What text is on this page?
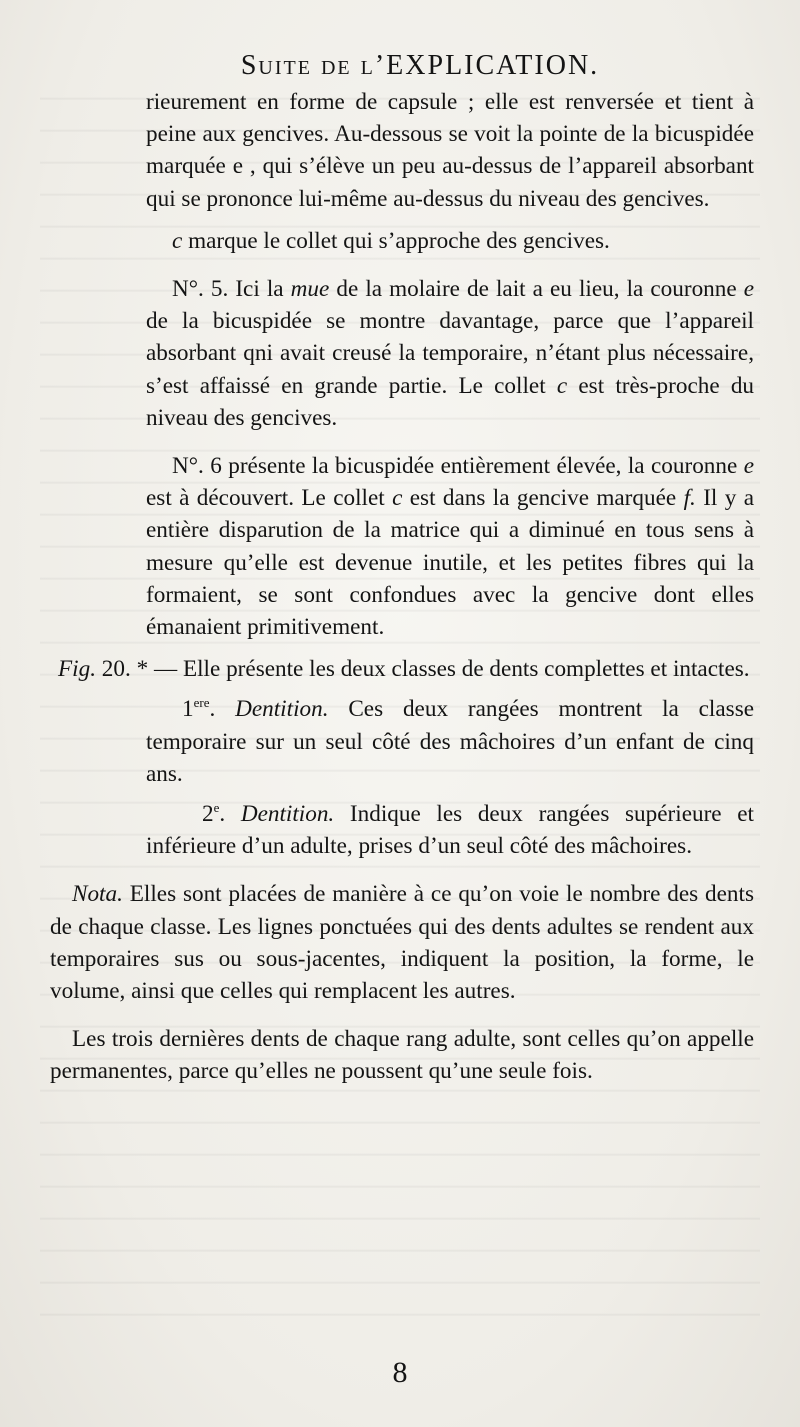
SUITE DE L’EXPLICATION.

rieurement en forme de capsule ; elle est renversée et tient à peine aux gencives. Au-dessous se voit la pointe de la bicuspidée marquée e , qui s’élève un peu au-dessus de l’appareil absorbant qui se prononce lui-même au-dessus du niveau des gencives.

c marque le collet qui s’approche des gencives.

N°. 5. Ici la mue de la molaire de lait a eu lieu, la couronne e de la bicuspidée se montre davantage, parce que l’appareil absorbant qni avait creusé la temporaire, n’étant plus nécessaire, s’est affaissé en grande partie. Le collet c est très-proche du niveau des gencives.

N°. 6 présente la bicuspidée entièrement élevée, la couronne e est à découvert. Le collet c est dans la gencive marquée f. Il y a entière disparution de la matrice qui a diminué en tous sens à mesure qu’elle est devenue inutile, et les petites fibres qui la formaient, se sont confondues avec la gencive dont elles émanaient primitivement.

Fig. 20. * — Elle présente les deux classes de dents complettes et intactes.

1ere. Dentition. Ces deux rangées montrent la classe temporaire sur un seul côté des mâchoires d’un enfant de cinq ans.

2e. Dentition. Indique les deux rangées supérieure et inférieure d’un adulte, prises d’un seul côté des mâchoires.

Nota. Elles sont placées de manière à ce qu’on voie le nombre des dents de chaque classe. Les lignes ponctuées qui des dents adultes se rendent aux temporaires sus ou sous-jacentes, indiquent la position, la forme, le volume, ainsi que celles qui remplacent les autres.

Les trois dernières dents de chaque rang adulte, sont celles qu’on appelle permanentes, parce qu’elles ne poussent qu’une seule fois.

8
